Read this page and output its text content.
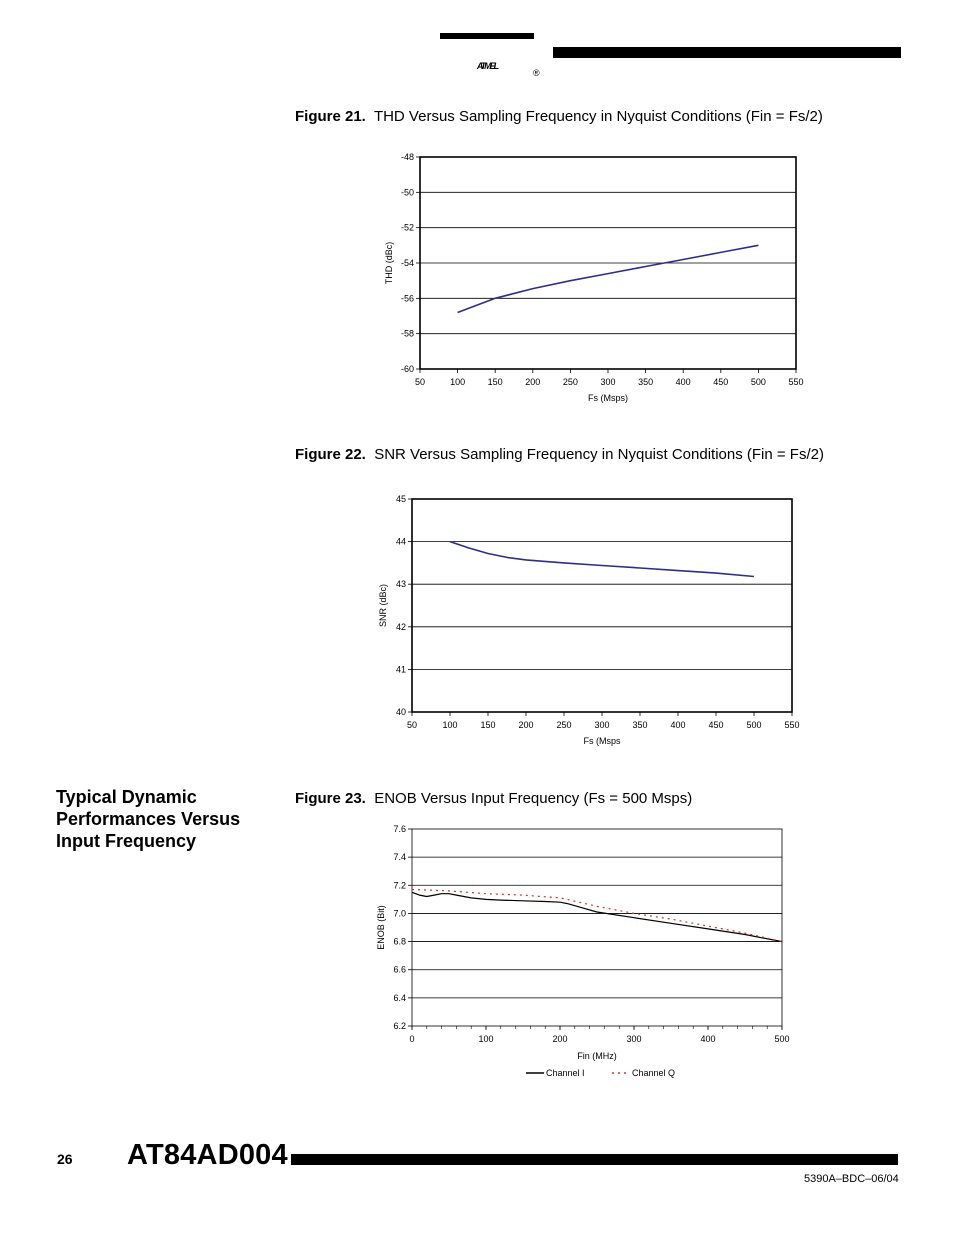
ATMEL
®
Figure 21. THD Versus Sampling Frequency in Nyquist Conditions (Fin = Fs/2)
-60
-58
-56
-54
-52
-50
-48
50	100	150	200	250	300	350	400	450	500	550
Fs (Msps)
THD (dBc)
Figure 22. SNR Versus Sampling Frequency in Nyquist Conditions (Fin = Fs/2)
40
41
42
43
44
45
50	100	150	200	250	300	350	400	450	500	550
Fs (Msps
SNR (dBc)
Typical Dynamic Performances Versus Input Frequency
Figure 23. ENOB Versus Input Frequency (Fs = 500 Msps)
6.2
6.4
6.6
6.8
7.0
7.2
7.4
7.6
0	100	200	300	400	500
Fin (MHz)
ENOB (Bit)
Channel I	Channel Q
26 AT84AD004
5390A–BDC–06/04
